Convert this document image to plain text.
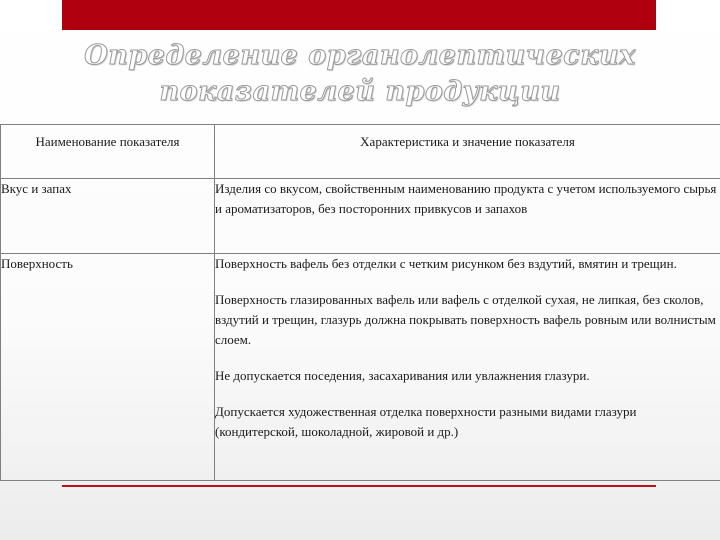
Определение органолептических
показателей продукции
Наименование показателя	Характеристика и значение показателя
Вкус и запах	Изделия со вкусом, свойственным наименованию продукта с учетом используемого сырья и ароматизаторов, без посторонних привкусов и запахов

Поверхность	Поверхность вафель без отделки с четким рисунком без вздутий, вмятин и трещин.

Поверхность глазированных вафель или вафель с отделкой сухая, не липкая, без сколов, вздутий и трещин, глазурь должна покрывать поверхность вафель ровным или волнистым слоем.

Не допускается поседения, засахаривания или увлажнения глазури.

Допускается художественная отделка поверхности разными видами глазури (кондитерской, шоколадной, жировой и др.)
